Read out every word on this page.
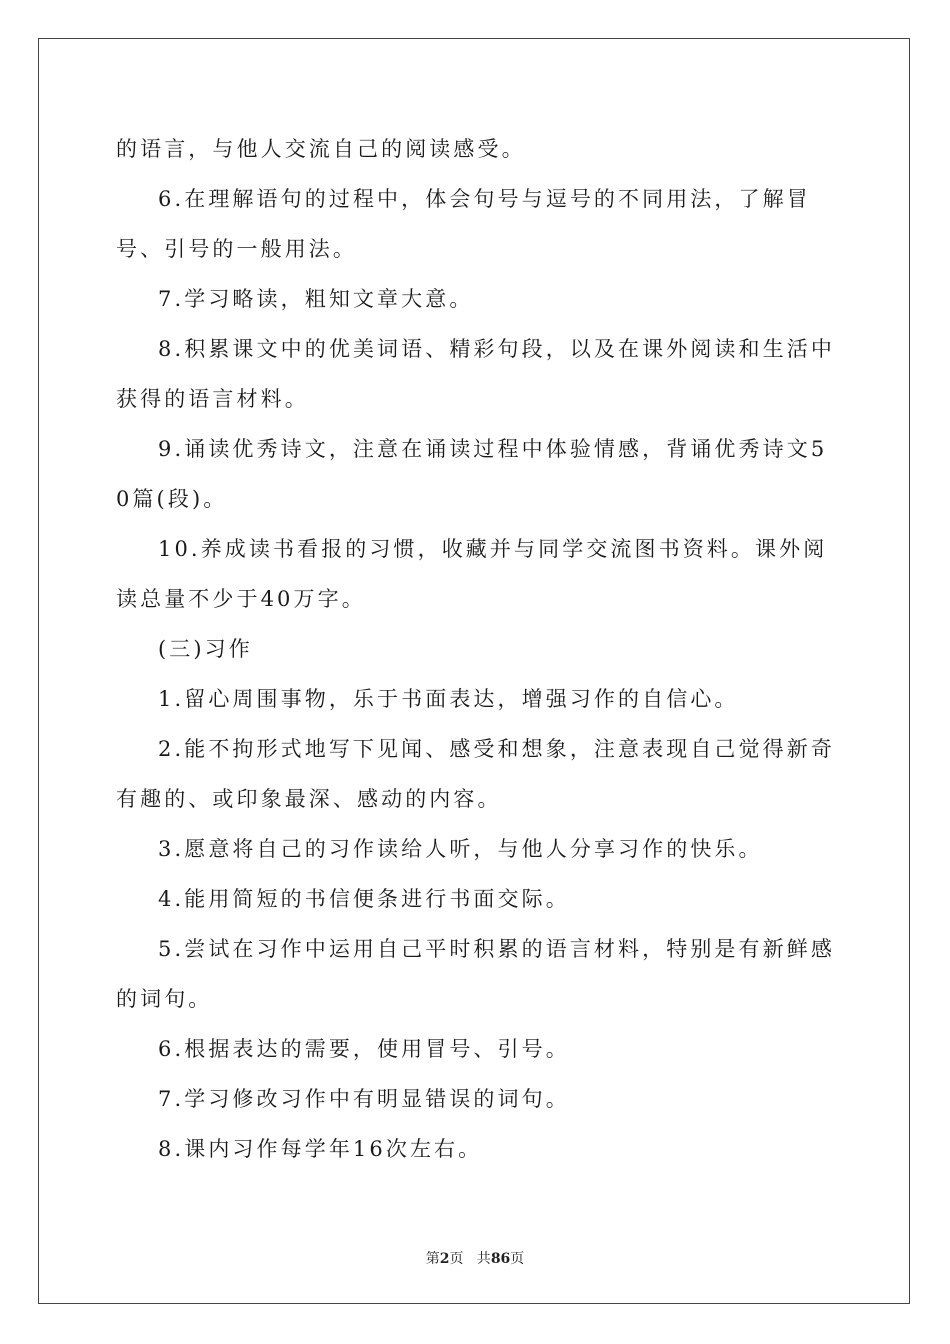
的语言，与他人交流自己的阅读感受。

6.在理解语句的过程中，体会句号与逗号的不同用法，了解冒号、引号的一般用法。

7.学习略读，粗知文章大意。

8.积累课文中的优美词语、精彩句段，以及在课外阅读和生活中获得的语言材料。

9.诵读优秀诗文，注意在诵读过程中体验情感，背诵优秀诗文50篇(段)。

10.养成读书看报的习惯，收藏并与同学交流图书资料。课外阅读总量不少于40万字。

(三)习作

1.留心周围事物，乐于书面表达，增强习作的自信心。

2.能不拘形式地写下见闻、感受和想象，注意表现自己觉得新奇有趣的、或印象最深、感动的内容。

3.愿意将自己的习作读给人听，与他人分享习作的快乐。

4.能用简短的书信便条进行书面交际。

5.尝试在习作中运用自己平时积累的语言材料，特别是有新鲜感的词句。

6.根据表达的需要，使用冒号、引号。

7.学习修改习作中有明显错误的词句。

8.课内习作每学年16次左右。

第2页   共86页
